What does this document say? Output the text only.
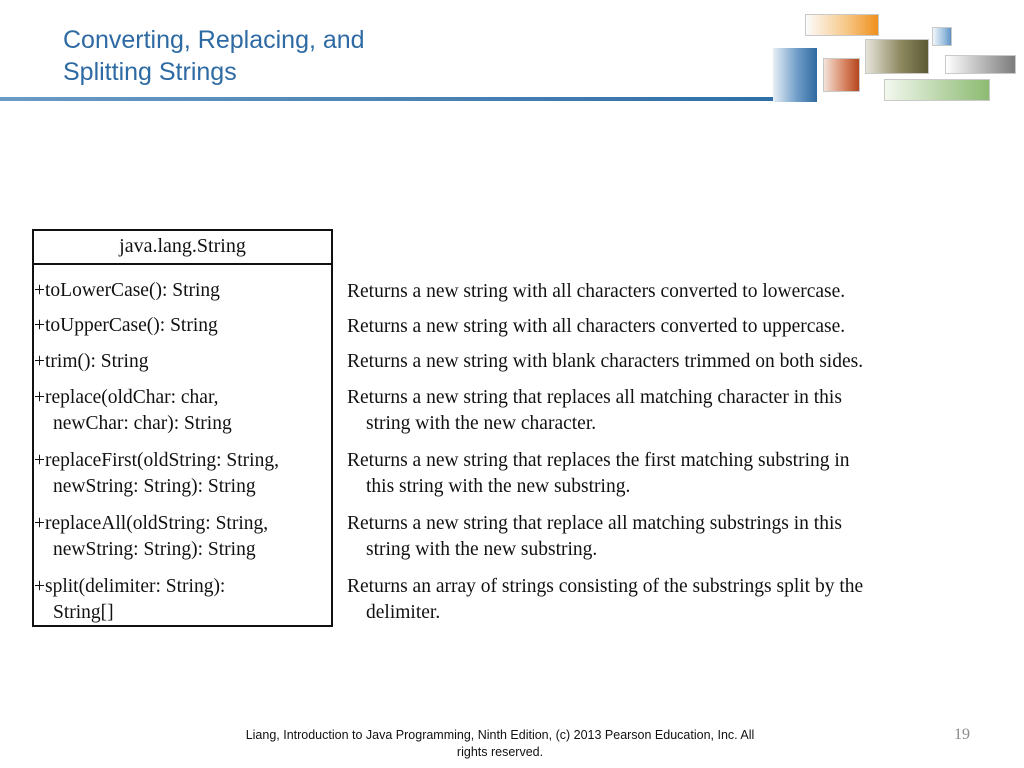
Converting, Replacing, and
Splitting Strings
java.lang.String
+toLowerCase(): String
+toUpperCase(): String
+trim(): String
+replace(oldChar: char,
newChar: char): String
+replaceFirst(oldString: String,
newString: String): String
+replaceAll(oldString: String,
newString: String): String
+split(delimiter: String):
String[]
Returns a new string with all characters converted to lowercase.
Returns a new string with all characters converted to uppercase.
Returns a new string with blank characters trimmed on both sides.
Returns a new string that replaces all matching character in this
string with the new character.
Returns a new string that replaces the first matching substring in
this string with the new substring.
Returns a new string that replace all matching substrings in this
string with the new substring.
Returns an array of strings consisting of the substrings split by the
delimiter.
Liang, Introduction to Java Programming, Ninth Edition, (c) 2013 Pearson Education, Inc. All
rights reserved.
19
